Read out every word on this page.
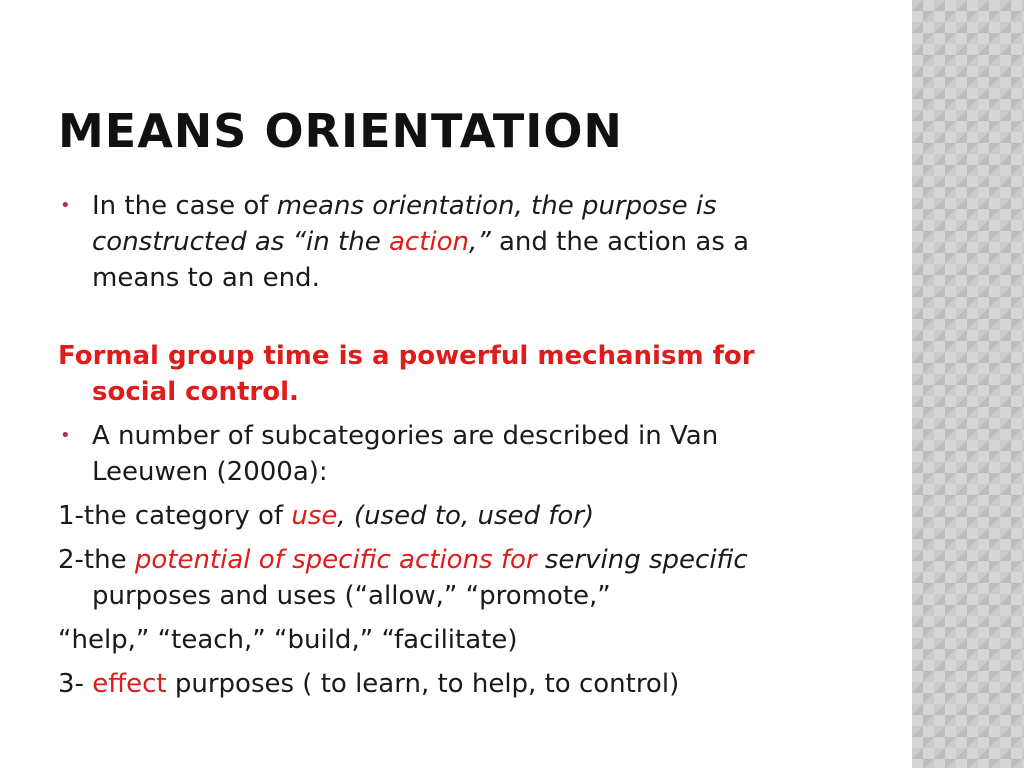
MEANS ORIENTATION

• In the case of means orientation, the purpose is constructed as “in the action,” and the action as a means to an end.

Formal group time is a powerful mechanism for social control.

• A number of subcategories are described in Van Leeuwen (2000a):

1-the category of use, (used to, used for)

2-the potential of specific actions for serving specific purposes and uses (“allow,” “promote,”

“help,” “teach,” “build,” “facilitate)

3- effect purposes ( to learn, to help, to control)
